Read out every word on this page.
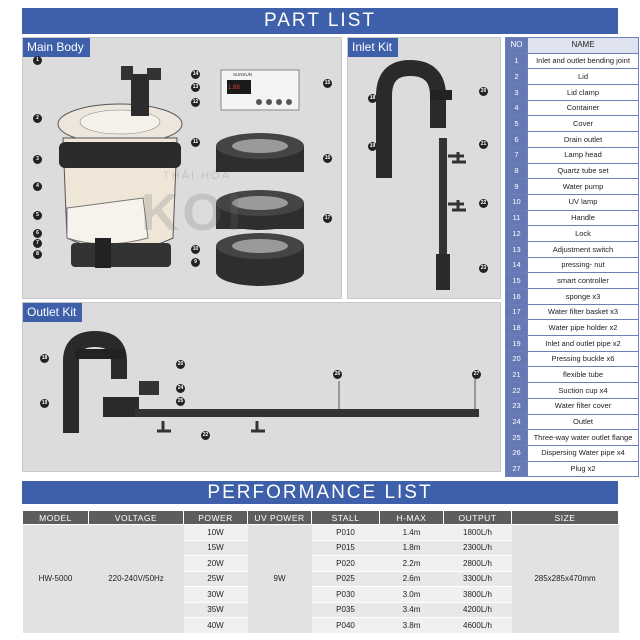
PART LIST
Main Body
THẢI HÒA
KOI
1
2
3
4
5
6
7
8
9
10
11
12
13
14
15
16
17
SUNSUN
1.88
Inlet Kit
18
19
20
21
22
23
Outlet Kit
18
19
20
22
24
25
26	27
NO	NAME
1	Inlet and outlet bending joint
2	Lid
3	Lid clamp
4	Container
5	Cover
6	Drain outlet
7	Lamp head
8	Quartz tube set
9	Water pump
10	UV lamp
11	Handle
12	Lock
13	Adjustment switch
14	pressing- nut
15	smart controller
16	sponge x3
17	Water filter basket x3
18	Water pipe holder x2
19	Inlet and outlet pipe x2
20	Pressing buckle x6
21	flexible tube
22	Suction cup x4
23	Water filter cover
24	Outlet
25	Three-way water outlet flange
26	Dispersing Water pipe x4
27	Plug x2
PERFORMANCE LIST
MODEL	VOLTAGE	POWER	UV POWER	STALL	H-MAX	OUTPUT	SIZE
HW-5000	220-240V/50Hz	10W	9W	P010	1.4m	1800L/h	285x285x470mm
		15W		P015	1.8m	2300L/h	
		20W		P020	2.2m	2800L/h	
		25W		P025	2.6m	3300L/h	
		30W		P030	3.0m	3800L/h	
		35W		P035	3.4m	4200L/h	
		40W		P040	3.8m	4600L/h	
